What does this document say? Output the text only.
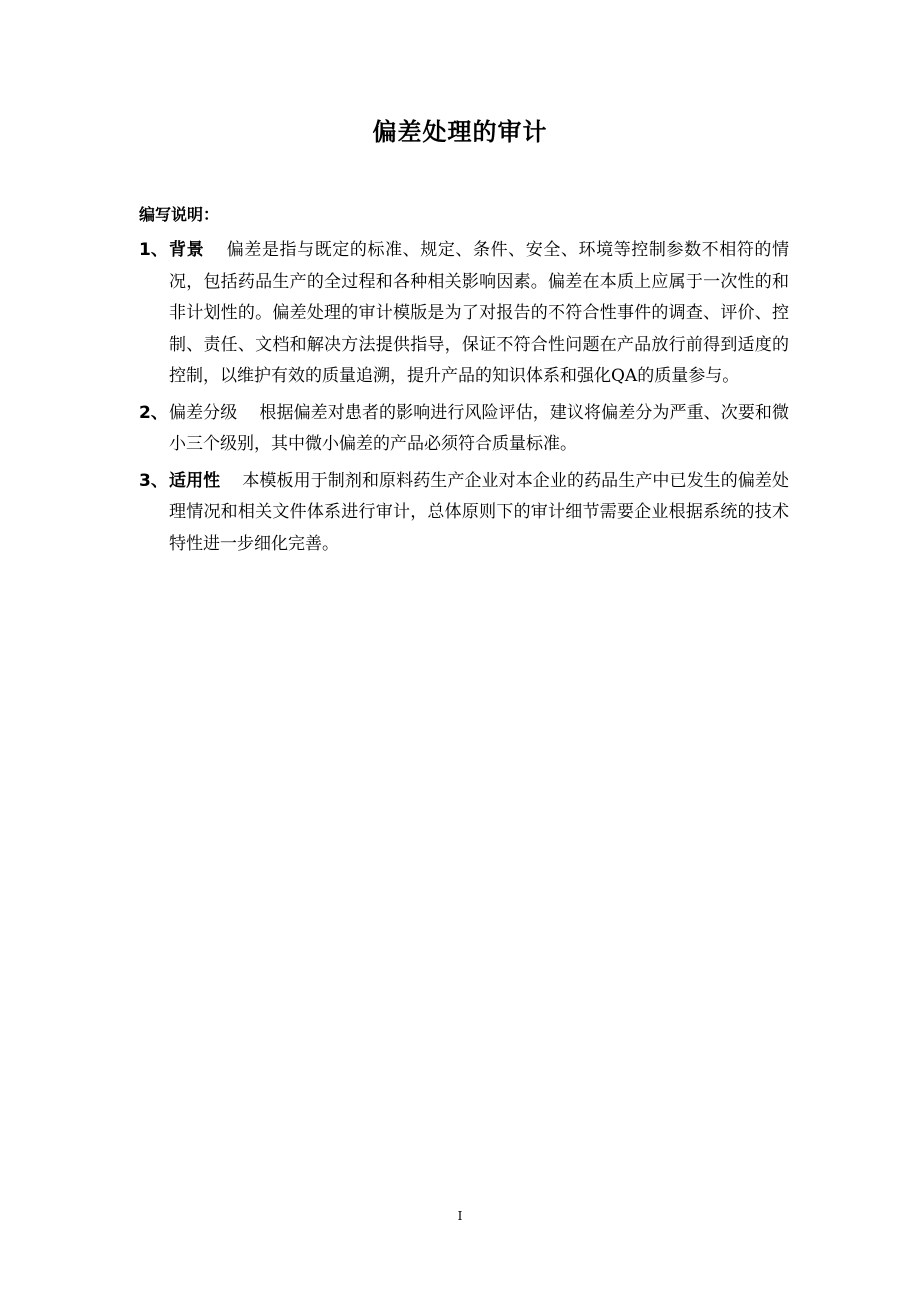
偏差处理的审计

编写说明：

1、 背景 偏差是指与既定的标准、规定、条件、安全、环境等控制参数不相符的情况，包括药品生产的全过程和各种相关影响因素。偏差在本质上应属于一次性的和非计划性的。偏差处理的审计模版是为了对报告的不符合性事件的调查、评价、控制、责任、文档和解决方法提供指导，保证不符合性问题在产品放行前得到适度的控制，以维护有效的质量追溯，提升产品的知识体系和强化QA的质量参与。
2、 偏差分级 根据偏差对患者的影响进行风险评估，建议将偏差分为严重、次要和微小三个级别，其中微小偏差的产品必须符合质量标准。
3、 适用性 本模板用于制剂和原料药生产企业对本企业的药品生产中已发生的偏差处理情况和相关文件体系进行审计，总体原则下的审计细节需要企业根据系统的技术特性进一步细化完善。
I
